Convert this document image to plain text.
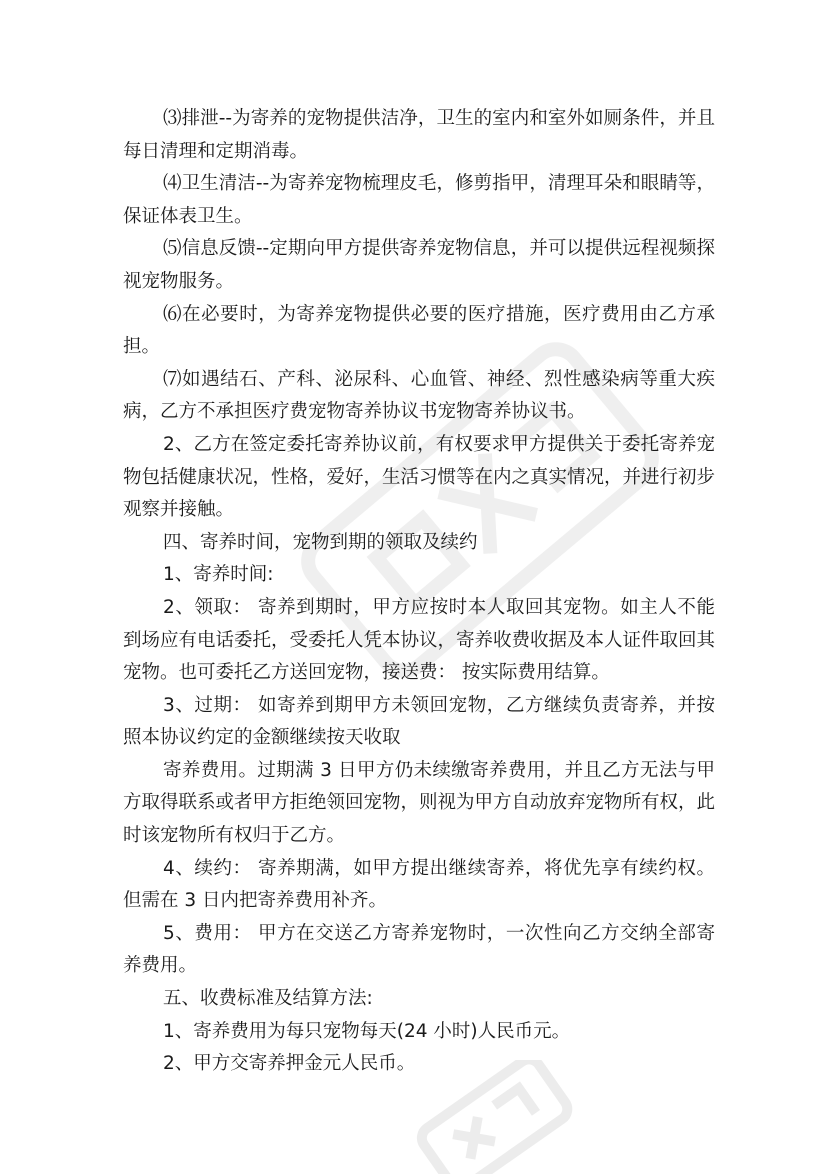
⑶排泄--为寄养的宠物提供洁净，卫生的室内和室外如厕条件，并且每日清理和定期消毒。

⑷卫生清洁--为寄养宠物梳理皮毛，修剪指甲，清理耳朵和眼睛等，保证体表卫生。

⑸信息反馈--定期向甲方提供寄养宠物信息，并可以提供远程视频探视宠物服务。

⑹在必要时，为寄养宠物提供必要的医疗措施，医疗费用由乙方承担。

⑺如遇结石、产科、泌尿科、心血管、神经、烈性感染病等重大疾病，乙方不承担医疗费宠物寄养协议书宠物寄养协议书。

2、乙方在签定委托寄养协议前，有权要求甲方提供关于委托寄养宠物包括健康状况，性格，爱好，生活习惯等在内之真实情况，并进行初步观察并接触。

四、寄养时间，宠物到期的领取及续约

1、寄养时间:

2、领取： 寄养到期时，甲方应按时本人取回其宠物。如主人不能到场应有电话委托，受委托人凭本协议，寄养收费收据及本人证件取回其宠物。也可委托乙方送回宠物，接送费： 按实际费用结算。

3、过期： 如寄养到期甲方未领回宠物，乙方继续负责寄养，并按照本协议约定的金额继续按天收取

寄养费用。过期满 3 日甲方仍未续缴寄养费用，并且乙方无法与甲方取得联系或者甲方拒绝领回宠物，则视为甲方自动放弃宠物所有权，此时该宠物所有权归于乙方。

4、续约： 寄养期满，如甲方提出继续寄养，将优先享有续约权。但需在 3 日内把寄养费用补齐。

5、费用： 甲方在交送乙方寄养宠物时，一次性向乙方交纳全部寄养费用。

五、收费标准及结算方法:

1、寄养费用为每只宠物每天(24 小时)人民币元。

2、甲方交寄养押金元人民币。
